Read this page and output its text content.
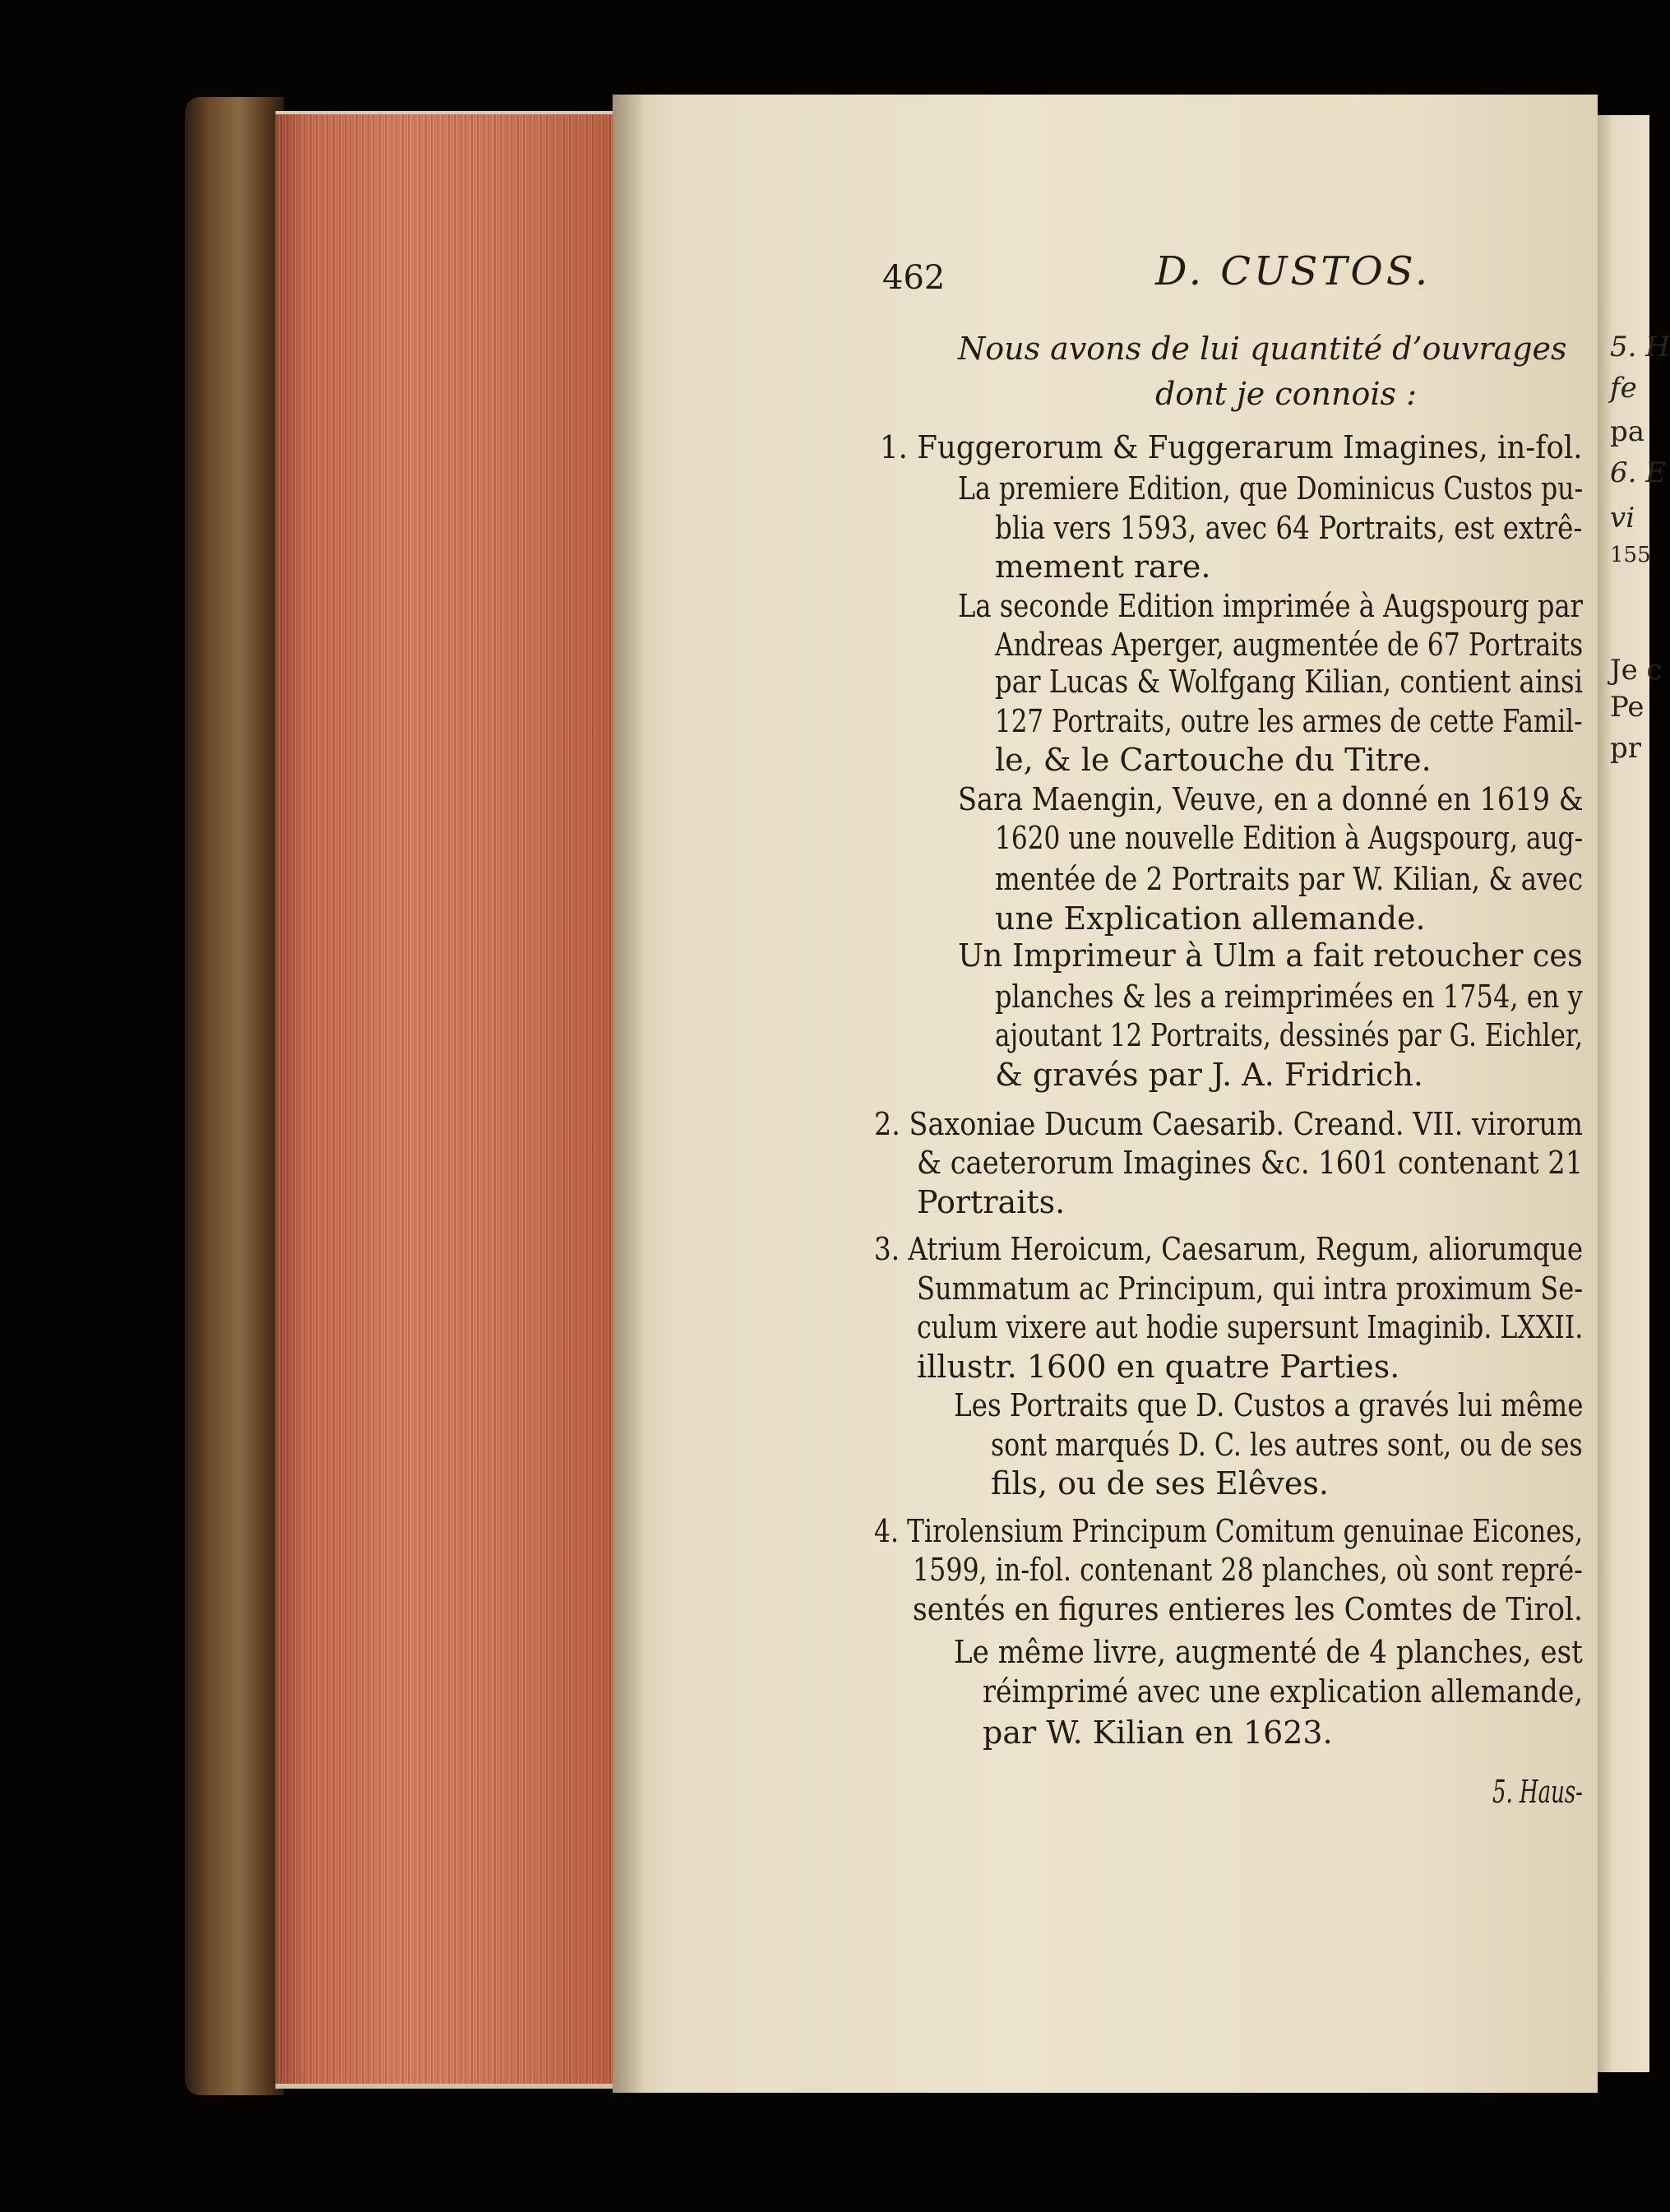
5. H
fe
pa
6. E
vi
155
Je c
Pe
pr
462	D. CUSTOS.
Nous avons de lui quantité d’ouvrages
dont je connois :
1. Fuggerorum & Fuggerarum Imagines, in-fol.
La premiere Edition, que Dominicus Custos pu-
blia vers 1593, avec 64 Portraits, est extrê-
mement rare.
La seconde Edition imprimée à Augspourg par
Andreas Aperger, augmentée de 67 Portraits
par Lucas & Wolfgang Kilian, contient ainsi
127 Portraits, outre les armes de cette Famil-
le, & le Cartouche du Titre.
Sara Maengin, Veuve, en a donné en 1619 &
1620 une nouvelle Edition à Augspourg, aug-
mentée de 2 Portraits par W. Kilian, & avec
une Explication allemande.
Un Imprimeur à Ulm a fait retoucher ces
planches & les a reimprimées en 1754, en y
ajoutant 12 Portraits, dessinés par G. Eichler,
& gravés par J. A. Fridrich.
2. Saxoniae Ducum Caesarib. Creand. VII. virorum
& caeterorum Imagines &c. 1601 contenant 21
Portraits.
3. Atrium Heroicum, Caesarum, Regum, aliorumque
Summatum ac Principum, qui intra proximum Se-
culum vixere aut hodie supersunt Imaginib. LXXII.
illustr. 1600 en quatre Parties.
Les Portraits que D. Custos a gravés lui même
sont marqués D. C. les autres sont, ou de ses
fils, ou de ses Elêves.
4. Tirolensium Principum Comitum genuinae Eicones,
1599, in-fol. contenant 28 planches, où sont repré-
sentés en figures entieres les Comtes de Tirol.
Le même livre, augmenté de 4 planches, est
réimprimé avec une explication allemande,
par W. Kilian en 1623.
5. Haus-
